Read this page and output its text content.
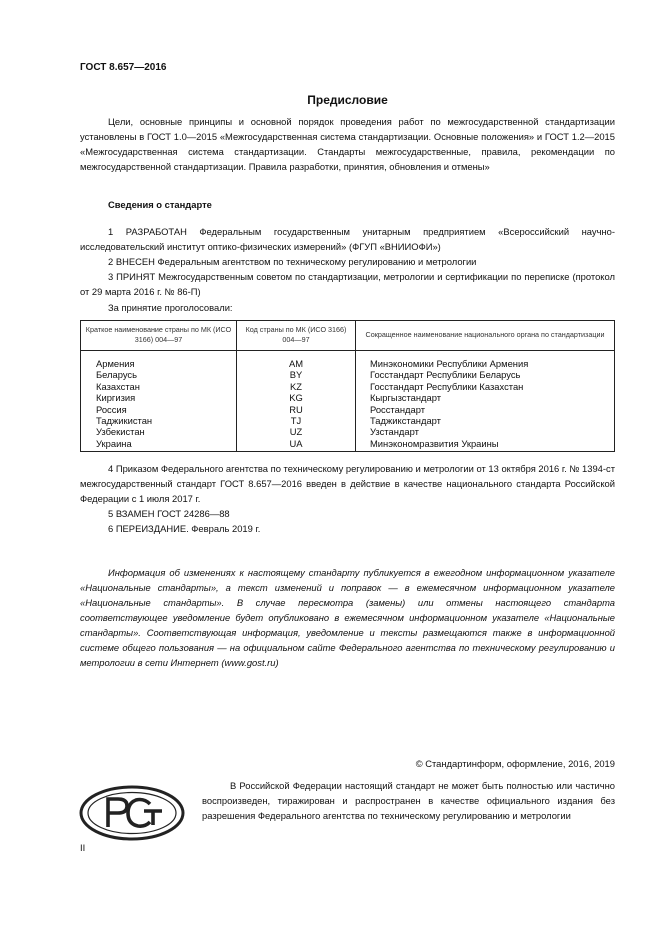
ГОСТ 8.657—2016
Предисловие
Цели, основные принципы и основной порядок проведения работ по межгосударственной стандартизации установлены в ГОСТ 1.0—2015 «Межгосударственная система стандартизации. Основные положения» и ГОСТ 1.2—2015 «Межгосударственная система стандартизации. Стандарты межгосударственные, правила, рекомендации по межгосударственной стандартизации. Правила разработки, принятия, обновления и отмены»
Сведения о стандарте
1 РАЗРАБОТАН Федеральным государственным унитарным предприятием «Всероссийский научно-исследовательский институт оптико-физических измерений» (ФГУП «ВНИИОФИ»)
2 ВНЕСЕН Федеральным агентством по техническому регулированию и метрологии
3 ПРИНЯТ Межгосударственным советом по стандартизации, метрологии и сертификации по переписке (протокол от 29 марта 2016 г. № 86-П)
За принятие проголосовали:
Краткое наименование страны по МК (ИСО 3166) 004—97	Код страны по МК (ИСО 3166) 004—97	Сокращенное наименование национального органа по стандартизации
Армения	AM	Минэкономики Республики Армения
Беларусь	BY	Госстандарт Республики Беларусь
Казахстан	KZ	Госстандарт Республики Казахстан
Киргизия	KG	Кыргызстандарт
Россия	RU	Росстандарт
Таджикистан	TJ	Таджикстандарт
Узбекистан	UZ	Узстандарт
Украина	UA	Минэкономразвития Украины
4 Приказом Федерального агентства по техническому регулированию и метрологии от 13 октября 2016 г. № 1394-ст межгосударственный стандарт ГОСТ 8.657—2016 введен в действие в качестве национального стандарта Российской Федерации с 1 июля 2017 г.
5 ВЗАМЕН ГОСТ 24286—88
6 ПЕРЕИЗДАНИЕ. Февраль 2019 г.
Информация об изменениях к настоящему стандарту публикуется в ежегодном информационном указателе «Национальные стандарты», а текст изменений и поправок — в ежемесячном информационном указателе «Национальные стандарты». В случае пересмотра (замены) или отмены настоящего стандарта соответствующее уведомление будет опубликовано в ежемесячном информационном указателе «Национальные стандарты». Соответствующая информация, уведомление и тексты размещаются также в информационной системе общего пользования — на официальном сайте Федерального агентства по техническому регулированию и метрологии в сети Интернет (www.gost.ru)
© Стандартинформ, оформление, 2016, 2019
В Российской Федерации настоящий стандарт не может быть полностью или частично воспроизведен, тиражирован и распространен в качестве официального издания без разрешения Федерального агентства по техническому регулированию и метрологии
II
